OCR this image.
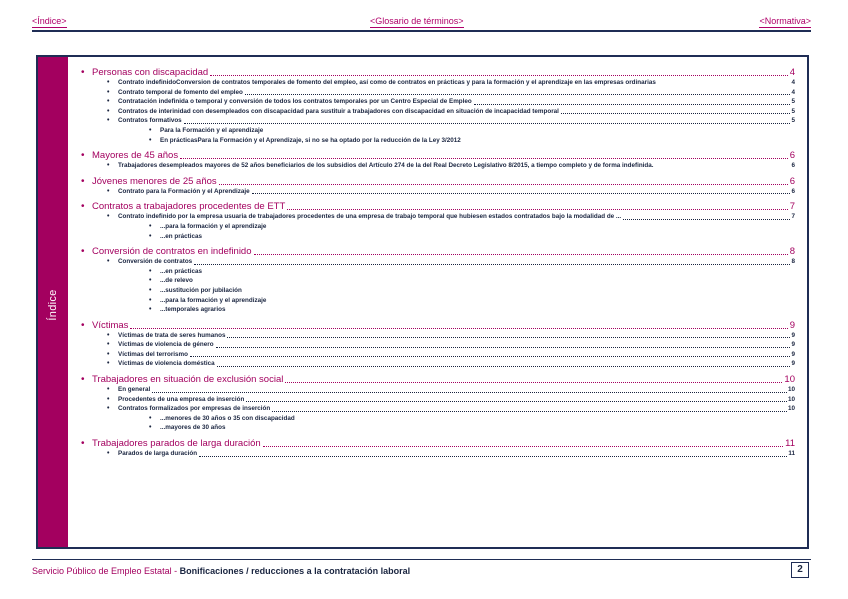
<Índice>	<Glosario de términos>	<Normativa>
Índice
• Personas con discapacidad	4
•	Contrato indefinidoConversion de contratos temporales de fomento del empleo, así como de contratos en prácticas y para la formación y el aprendizaje en las empresas ordinarias	4
•	Contrato temporal de fomento del empleo	4
•	Contratación indefinida o temporal y conversión de todos los contratos temporales por un Centro Especial de Empleo	5
•	Contratos de interinidad con desempleados con discapacidad para sustituir a trabajadores con discapacidad en situación de incapacidad temporal	5
•	Contratos formativos	5
•	Para la Formación y el aprendizaje
•	En prácticasPara la Formación y el Aprendizaje, si no se ha optado por la reducción de la Ley 3/2012
• Mayores de 45 años	6
•	Trabajadores desempleados mayores de 52 años beneficiarios de los subsidios del Artículo 274 de la del Real Decreto Legislativo 8/2015, a tiempo completo y de forma indefinida.	6
• Jóvenes menores de 25 años	6
•	Contrato para la Formación y el Aprendizaje	6
• Contratos a trabajadores procedentes de ETT	7
•	Contrato indefinido por la empresa usuaria de trabajadores procedentes de una empresa de trabajo temporal que hubiesen estados contratados bajo la modalidad de ...	7
•	...para la formación y el aprendizaje
•	...en prácticas
• Conversión de contratos en indefinido	8
•	Conversión de contratos	8
•	...en prácticas
•	...de relevo
•	...sustitución por jubilación
•	...para la formación y el aprendizaje
•	...temporales agrarios
• Víctimas	9
•	Víctimas de trata de seres humanos	9
•	Víctimas de violencia de género	9
•	Víctimas del terrorismo	9
•	Víctimas de violencia doméstica	9
• Trabajadores en situación de exclusión social	10
•	En general	10
•	Procedentes de una empresa de inserción	10
•	Contratos formalizados por empresas de inserción	10
•	...menores de 30 años o 35 con discapacidad
•	...mayores de 30 años
• Trabajadores parados de larga duración	11
•	Parados de larga duración	11
Servicio Público de Empleo Estatal - Bonificaciones / reducciones a la contratación laboral	2
